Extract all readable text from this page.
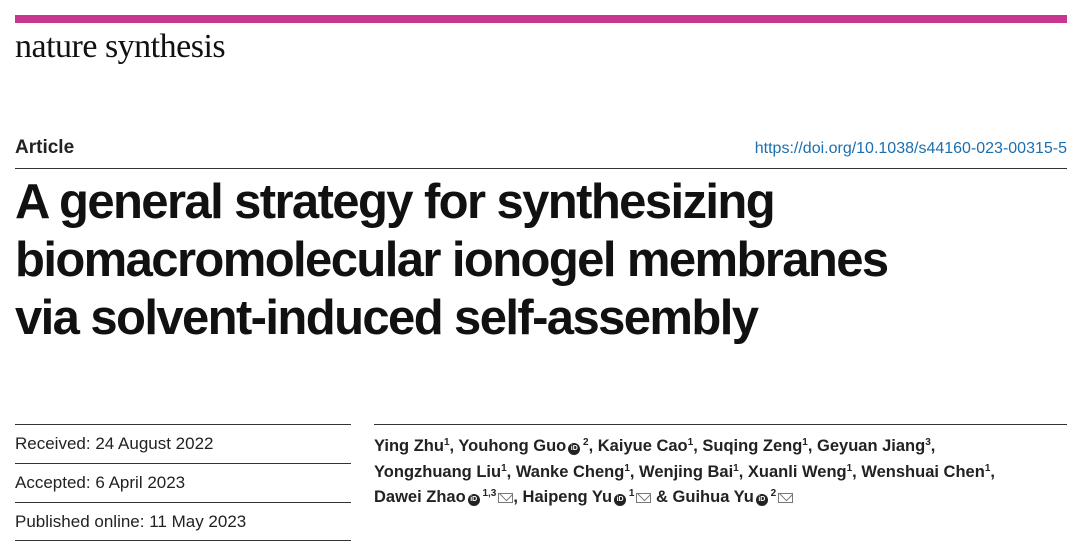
nature synthesis
Article	https://doi.org/10.1038/s44160-023-00315-5
A general strategy for synthesizing
biomacromolecular ionogel membranes
via solvent-induced self-assembly
Received: 24 August 2022
Accepted: 6 April 2023
Published online: 11 May 2023

Ying Zhu$^1$, Youhong Guo iD $^2$, Kaiyue Cao$^1$, Suqing Zeng$^1$, Geyuan Jiang$^3$, Yongzhuang Liu$^1$, Wanke Cheng$^1$, Wenjing Bai$^1$, Xuanli Weng$^1$, Wenshuai Chen$^1$, Dawei Zhao iD $^{1,3}$ , Haipeng Yu iD $^1$ & Guihua Yu iD $^2$
